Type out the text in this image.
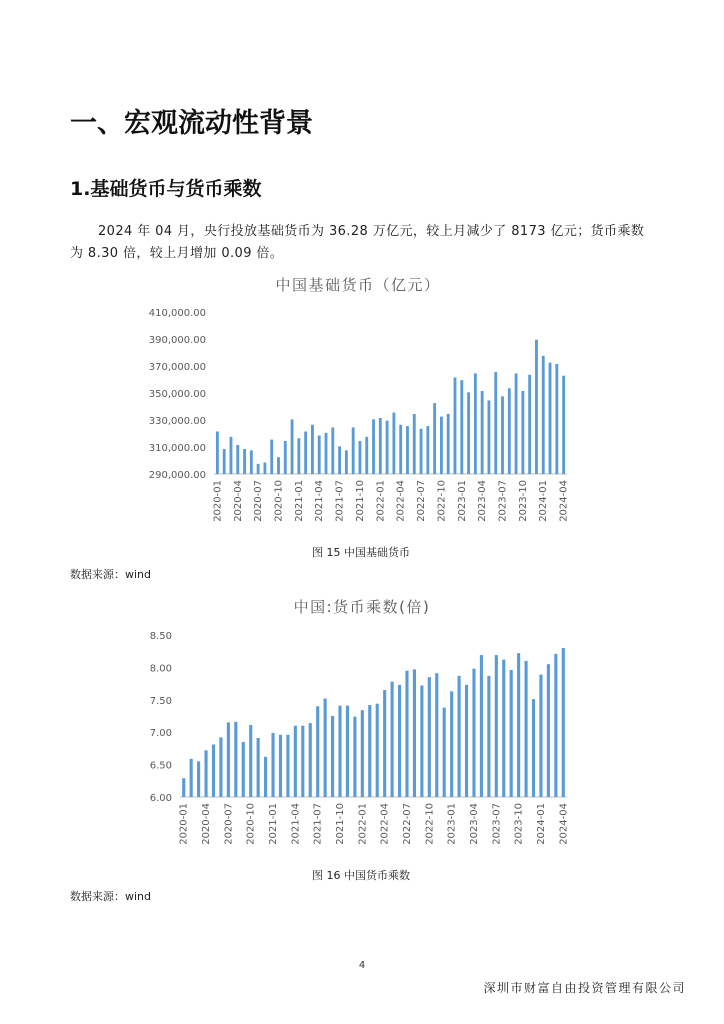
一、宏观流动性背景
1.基础货币与货币乘数
2024 年 04 月，央行投放基础货币为 36.28 万亿元，较上月减少了 8173 亿元；货币乘数
为 8.30 倍，较上月增加 0.09 倍。
中国基础货币（亿元）
290,000.00
310,000.00
330,000.00
350,000.00
370,000.00
390,000.00
410,000.00
2020-01 2020-04 2020-07 2020-10 2021-01 2021-04 2021-07 2021-10 2022-01 2022-04 2022-07 2022-10 2023-01 2023-04 2023-07 2023-10 2024-01 2024-04
图 15 中国基础货币
数据来源：wind
中国:货币乘数(倍)
6.00
6.50
7.00
7.50
8.00
8.50
2020-01 2020-04 2020-07 2020-10 2021-01 2021-04 2021-07 2021-10 2022-01 2022-04 2022-07 2022-10 2023-01 2023-04 2023-07 2023-10 2024-01 2024-04
图 16 中国货币乘数
数据来源：wind
4
深圳市财富自由投资管理有限公司
